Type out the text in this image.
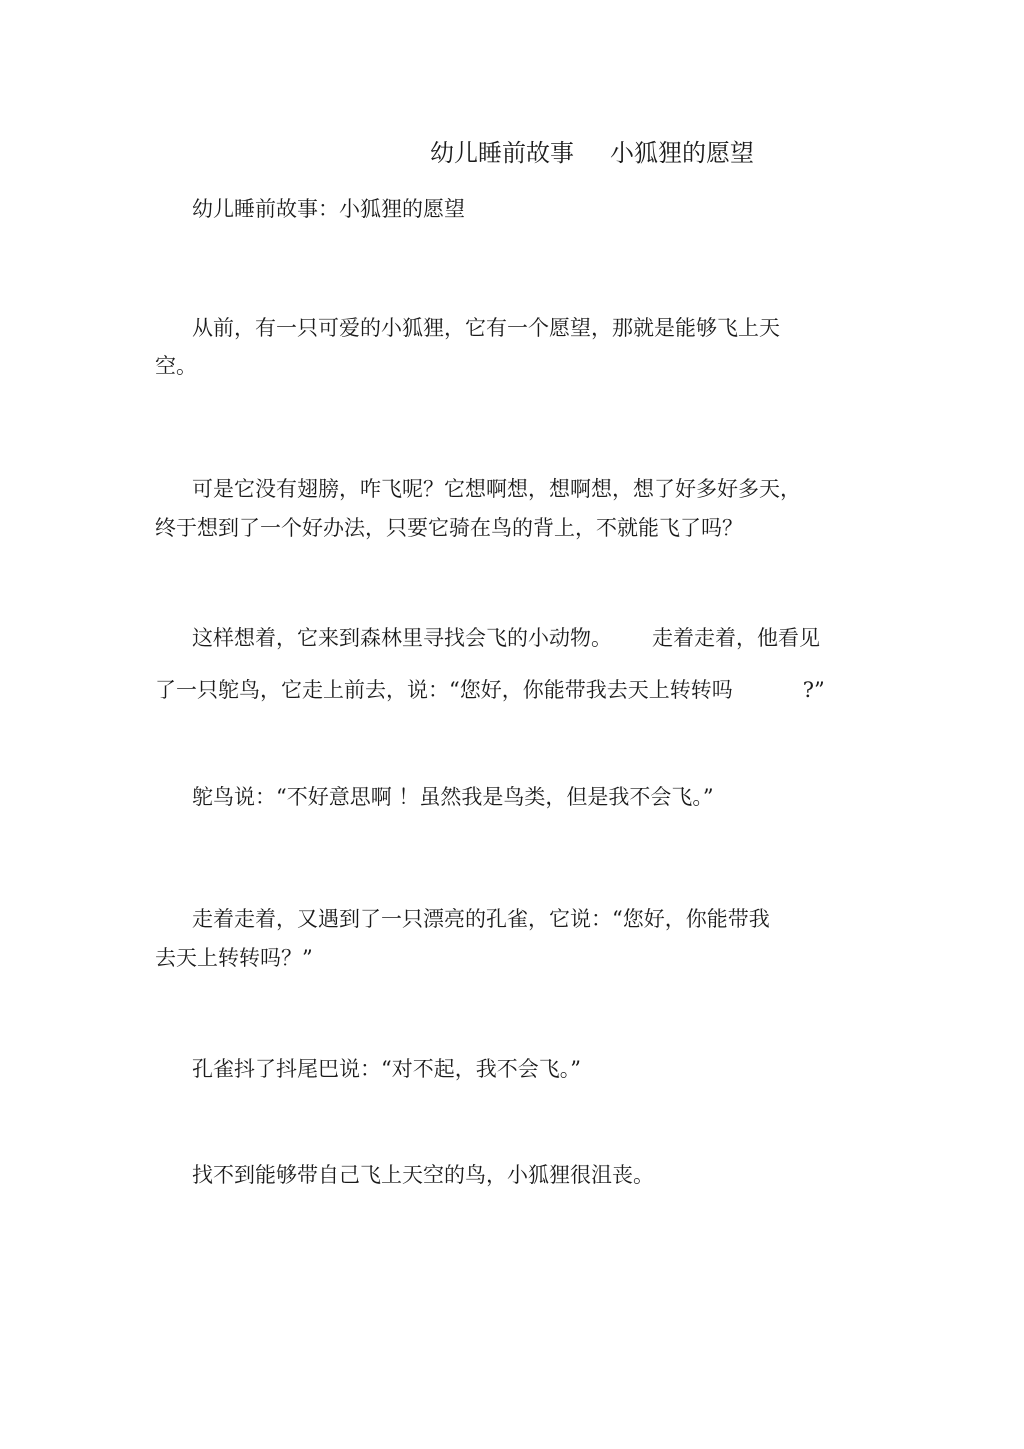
幼儿睡前故事 小狐狸的愿望
幼儿睡前故事：小狐狸的愿望
从前，有一只可爱的小狐狸，它有一个愿望，那就是能够飞上天
空。
可是它没有翅膀，咋飞呢？它想啊想，想啊想，想了好多好多天，
终于想到了一个好办法，只要它骑在鸟的背上，不就能飞了吗？
这样想着，它来到森林里寻找会飞的小动物。 走着走着，他看见
了一只鸵鸟，它走上前去，说：“您好，你能带我去天上转转吗	?”
鸵鸟说：“不好意思啊 ！虽然我是鸟类，但是我不会飞。”
走着走着，又遇到了一只漂亮的孔雀，它说：“您好，你能带我
去天上转转吗？”
孔雀抖了抖尾巴说：“对不起，我不会飞。”
找不到能够带自己飞上天空的鸟，小狐狸很沮丧。
